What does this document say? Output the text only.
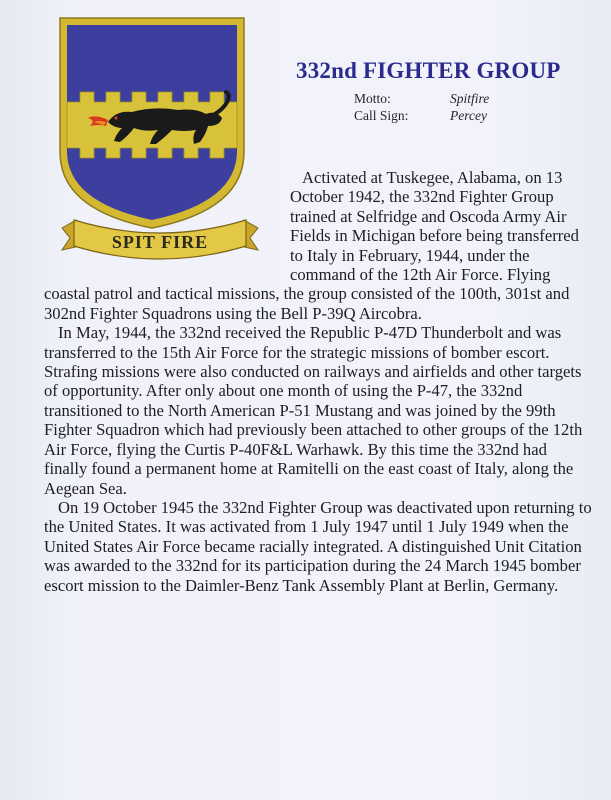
SPIT FIRE
332nd FIGHTER GROUP
Motto:	Spitfire
Call Sign:	Percey

Activated at Tuskegee, Alabama, on 13 October 1942, the 332nd Fighter Group trained at Selfridge and Oscoda Army Air Fields in Michigan before being transferred to Italy in February, 1944, under the command of the 12th Air Force. Flying coastal patrol and tactical missions, the group consisted of the 100th, 301st and 302nd Fighter Squadrons using the Bell P-39Q Aircobra.

In May, 1944, the 332nd received the Republic P-47D Thunderbolt and was transferred to the 15th Air Force for the strategic missions of bomber escort. Strafing missions were also conducted on railways and airfields and other targets of opportunity. After only about one month of using the P-47, the 332nd transitioned to the North American P-51 Mustang and was joined by the 99th Fighter Squadron which had previously been attached to other groups of the 12th Air Force, flying the Curtis P-40F&L Warhawk. By this time the 332nd had finally found a permanent home at Ramitelli on the east coast of Italy, along the Aegean Sea.

On 19 October 1945 the 332nd Fighter Group was deactivated upon returning to the United States. It was activated from 1 July 1947 until 1 July 1949 when the United States Air Force became racially integrated. A distinguished Unit Citation was awarded to the 332nd for its participation during the 24 March 1945 bomber escort mission to the Daimler-Benz Tank Assembly Plant at Berlin, Germany.
